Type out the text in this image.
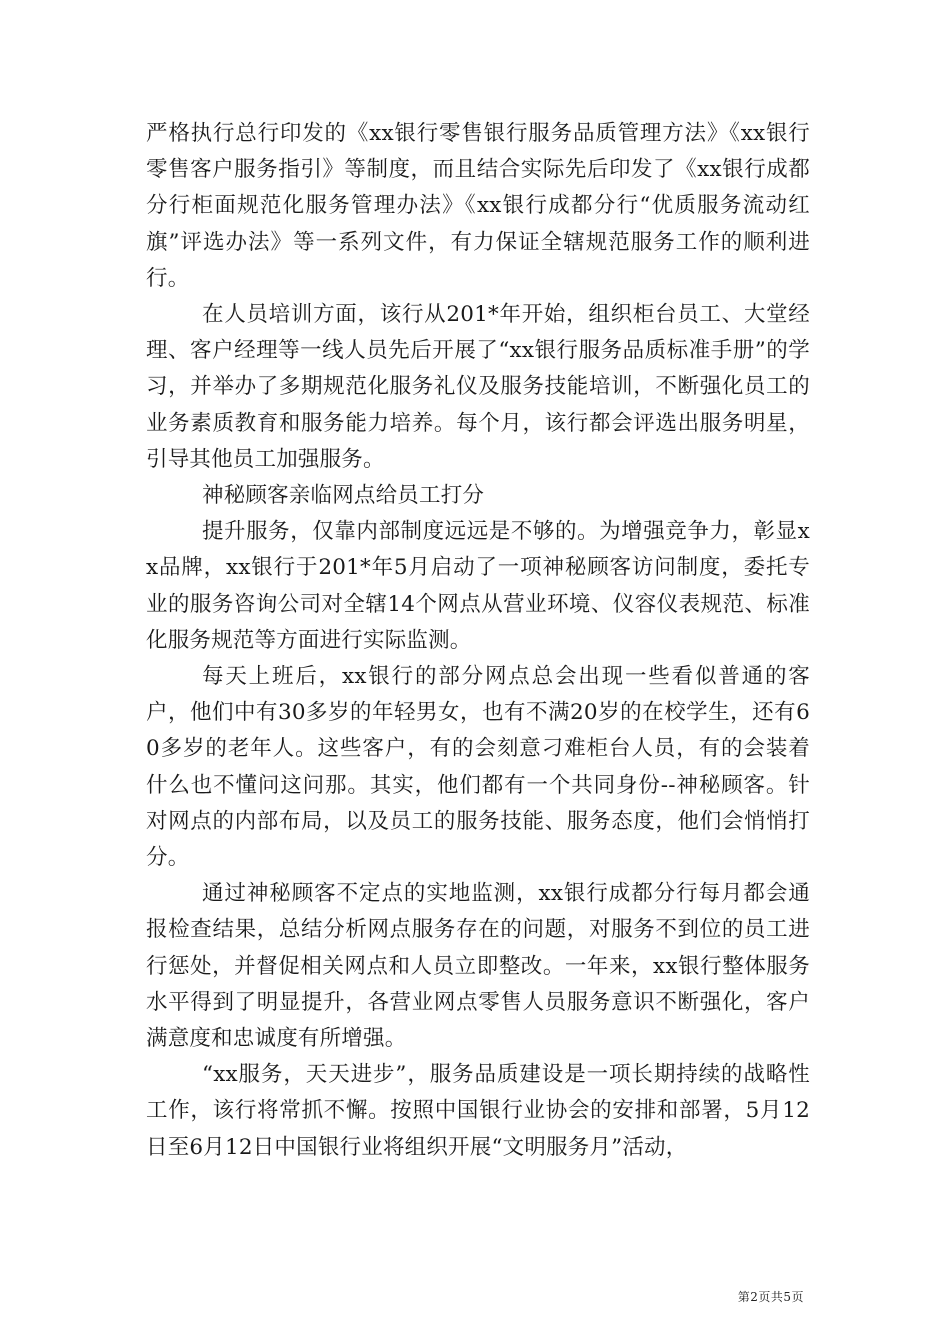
严格执行总行印发的《xx银行零售银行服务品质管理方法》《xx银行零售客户服务指引》等制度，而且结合实际先后印发了《xx银行成都分行柜面规范化服务管理办法》《xx银行成都分行“优质服务流动红旗”评选办法》等一系列文件，有力保证全辖规范服务工作的顺利进行。

在人员培训方面，该行从201*年开始，组织柜台员工、大堂经理、客户经理等一线人员先后开展了“xx银行服务品质标准手册”的学习，并举办了多期规范化服务礼仪及服务技能培训，不断强化员工的业务素质教育和服务能力培养。每个月，该行都会评选出服务明星，引导其他员工加强服务。

神秘顾客亲临网点给员工打分

提升服务，仅靠内部制度远远是不够的。为增强竞争力，彰显xx品牌，xx银行于201*年5月启动了一项神秘顾客访问制度，委托专业的服务咨询公司对全辖14个网点从营业环境、仪容仪表规范、标准化服务规范等方面进行实际监测。

每天上班后，xx银行的部分网点总会出现一些看似普通的客户，他们中有30多岁的年轻男女，也有不满20岁的在校学生，还有60多岁的老年人。这些客户，有的会刻意刁难柜台人员，有的会装着什么也不懂问这问那。其实，他们都有一个共同身份--神秘顾客。针对网点的内部布局，以及员工的服务技能、服务态度，他们会悄悄打分。

通过神秘顾客不定点的实地监测，xx银行成都分行每月都会通报检查结果，总结分析网点服务存在的问题，对服务不到位的员工进行惩处，并督促相关网点和人员立即整改。一年来，xx银行整体服务水平得到了明显提升，各营业网点零售人员服务意识不断强化，客户满意度和忠诚度有所增强。

“xx服务，天天进步”，服务品质建设是一项长期持续的战略性工作，该行将常抓不懈。按照中国银行业协会的安排和部署，5月12日至6月12日中国银行业将组织开展“文明服务月”活动，

第2页共5页
